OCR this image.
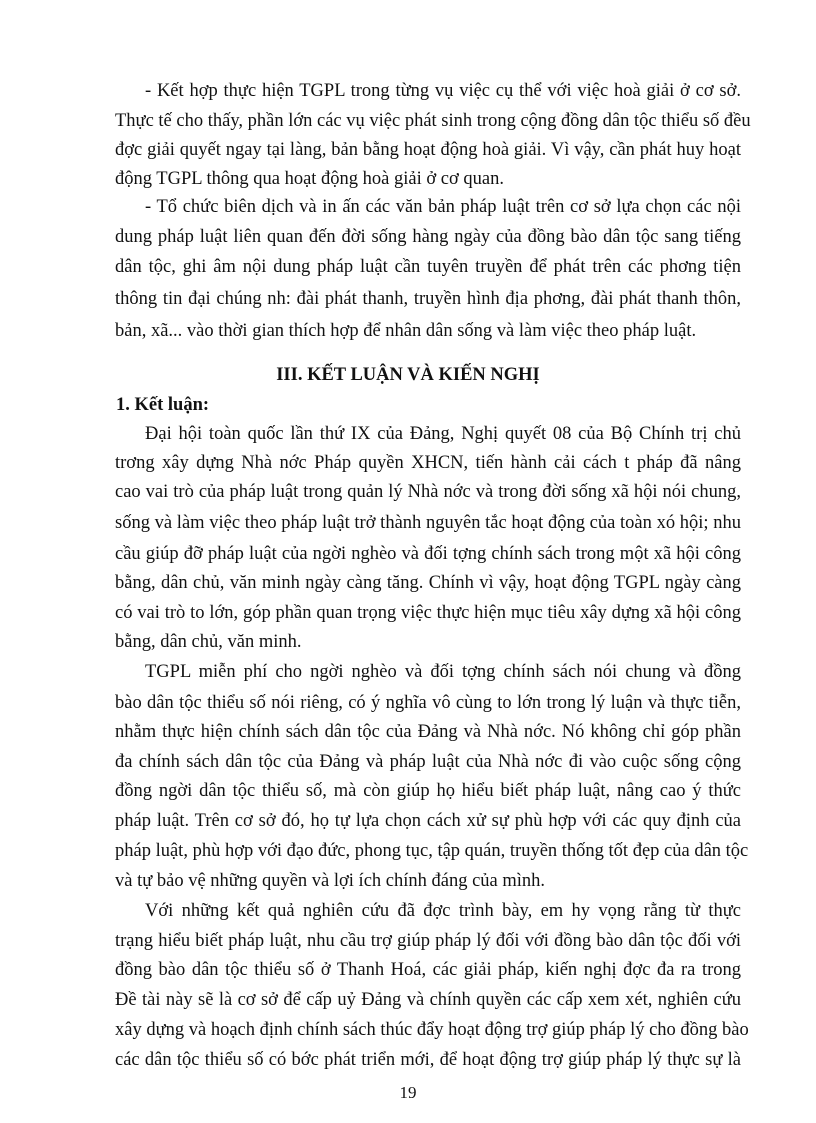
- Kết hợp thực hiện TGPL trong từng vụ việc cụ thể với việc hoà giải ở cơ sở.
Thực tế cho thấy, phần lớn các vụ việc phát sinh trong cộng đồng dân tộc thiểu số đều
đợc giải quyết ngay tại làng, bản bằng hoạt động hoà giải. Vì vậy, cần phát huy hoạt
động TGPL thông qua hoạt động hoà giải ở cơ quan.
- Tổ chức biên dịch và in ấn các văn bản pháp luật trên cơ sở lựa chọn các nội
dung pháp luật liên quan đến đời sống hàng ngày của đồng bào dân tộc sang tiếng
dân tộc, ghi âm nội dung pháp luật cần tuyên truyền để phát trên các phơng tiện
thông tin đại chúng nh: đài phát thanh, truyền hình địa phơng, đài phát thanh thôn,
bản, xã... vào thời gian thích hợp để nhân dân sống và làm việc theo pháp luật.
III. KẾT LUẬN VÀ KIẾN NGHỊ
1. Kết luận:
Đại hội toàn quốc lần thứ IX của Đảng, Nghị quyết 08 của Bộ Chính trị chủ
trơng xây dựng Nhà nớc Pháp quyền XHCN, tiến hành cải cách t pháp đã nâng
cao vai trò của pháp luật trong quản lý Nhà nớc và trong đời sống xã hội nói chung,
sống và làm việc theo pháp luật trở thành nguyên tắc hoạt động của toàn xó hội; nhu
cầu giúp đỡ pháp luật của ngời nghèo và đối tợng chính sách trong một xã hội công
bằng, dân chủ, văn minh ngày càng tăng. Chính vì vậy, hoạt động TGPL ngày càng
có vai trò to lớn, góp phần quan trọng việc thực hiện mục tiêu xây dựng xã hội công
bằng, dân chủ, văn minh.
TGPL miễn phí cho ngời nghèo và đối tợng chính sách nói chung và đồng
bào dân tộc thiểu số nói riêng, có ý nghĩa vô cùng to lớn trong lý luận và thực tiễn,
nhằm thực hiện chính sách dân tộc của Đảng và Nhà nớc. Nó không chỉ góp phần
đa chính sách dân tộc của Đảng và pháp luật của Nhà nớc đi vào cuộc sống cộng
đồng ngời dân tộc thiểu số, mà còn giúp họ hiểu biết pháp luật, nâng cao ý thức
pháp luật. Trên cơ sở đó, họ tự lựa chọn cách xử sự phù hợp với các quy định của
pháp luật, phù hợp với đạo đức, phong tục, tập quán, truyền thống tốt đẹp của dân tộc
và tự bảo vệ những quyền và lợi ích chính đáng của mình.
Với những kết quả nghiên cứu đã đợc trình bày, em hy vọng rằng từ thực
trạng hiểu biết pháp luật, nhu cầu trợ giúp pháp lý đối với đồng bào dân tộc đối với
đồng bào dân tộc thiểu số ở Thanh Hoá, các giải pháp, kiến nghị đợc đa ra trong
Đề tài này sẽ là cơ sở để cấp uỷ Đảng và chính quyền các cấp xem xét, nghiên cứu
xây dựng và hoạch định chính sách thúc đẩy hoạt động trợ giúp pháp lý cho đồng bào
các dân tộc thiểu số có bớc phát triển mới, để hoạt động trợ giúp pháp lý thực sự là
19
